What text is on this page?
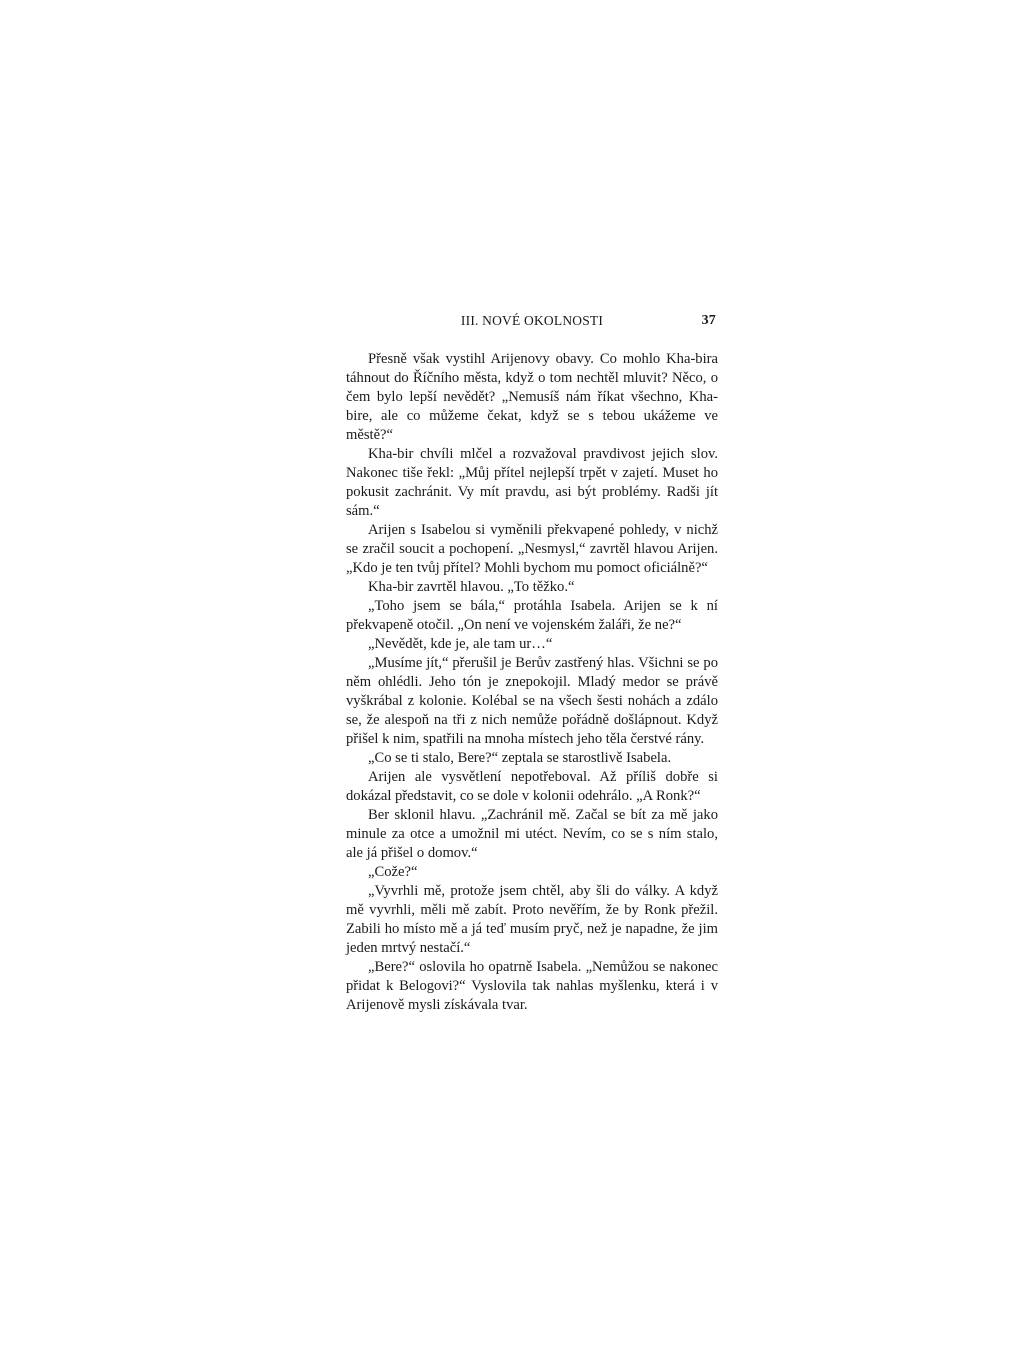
III. NOVÉ OKOLNOSTI	37

Přesně však vystihl Arijenovy obavy. Co mohlo Kha-bira táhnout do Říčního města, když o tom nechtěl mluvit? Něco, o čem bylo lepší nevědět? „Nemusíš nám říkat všechno, Kha-bire, ale co můžeme čekat, když se s tebou ukážeme ve městě?“

Kha-bir chvíli mlčel a rozvažoval pravdivost jejich slov. Nakonec tiše řekl: „Můj přítel nejlepší trpět v zajetí. Muset ho pokusit zachránit. Vy mít pravdu, asi být problémy. Radši jít sám.“

Arijen s Isabelou si vyměnili překvapené pohledy, v nichž se zračil soucit a pochopení. „Nesmysl,“ zavrtěl hlavou Arijen. „Kdo je ten tvůj přítel? Mohli bychom mu pomoct oficiálně?“

Kha-bir zavrtěl hlavou. „To těžko.“

„Toho jsem se bála,“ protáhla Isabela. Arijen se k ní překvapeně otočil. „On není ve vojenském žaláři, že ne?“

„Nevědět, kde je, ale tam ur…“

„Musíme jít,“ přerušil je Berův zastřený hlas. Všichni se po něm ohlédli. Jeho tón je znepokojil. Mladý medor se právě vyškrábal z kolonie. Kolébal se na všech šesti nohách a zdálo se, že alespoň na tři z nich nemůže pořádně došlápnout. Když přišel k nim, spatřili na mnoha místech jeho těla čerstvé rány.

„Co se ti stalo, Bere?“ zeptala se starostlivě Isabela.

Arijen ale vysvětlení nepotřeboval. Až příliš dobře si dokázal představit, co se dole v kolonii odehrálo. „A Ronk?“

Ber sklonil hlavu. „Zachránil mě. Začal se bít za mě jako minule za otce a umožnil mi utéct. Nevím, co se s ním stalo, ale já přišel o domov.“

„Cože?“

„Vyvrhli mě, protože jsem chtěl, aby šli do války. A když mě vyvrhli, měli mě zabít. Proto nevěřím, že by Ronk přežil. Zabili ho místo mě a já teď musím pryč, než je napadne, že jim jeden mrtvý nestačí.“

„Bere?“ oslovila ho opatrně Isabela. „Nemůžou se nakonec přidat k Belogovi?“ Vyslovila tak nahlas myšlenku, která i v Arijenově mysli získávala tvar.
